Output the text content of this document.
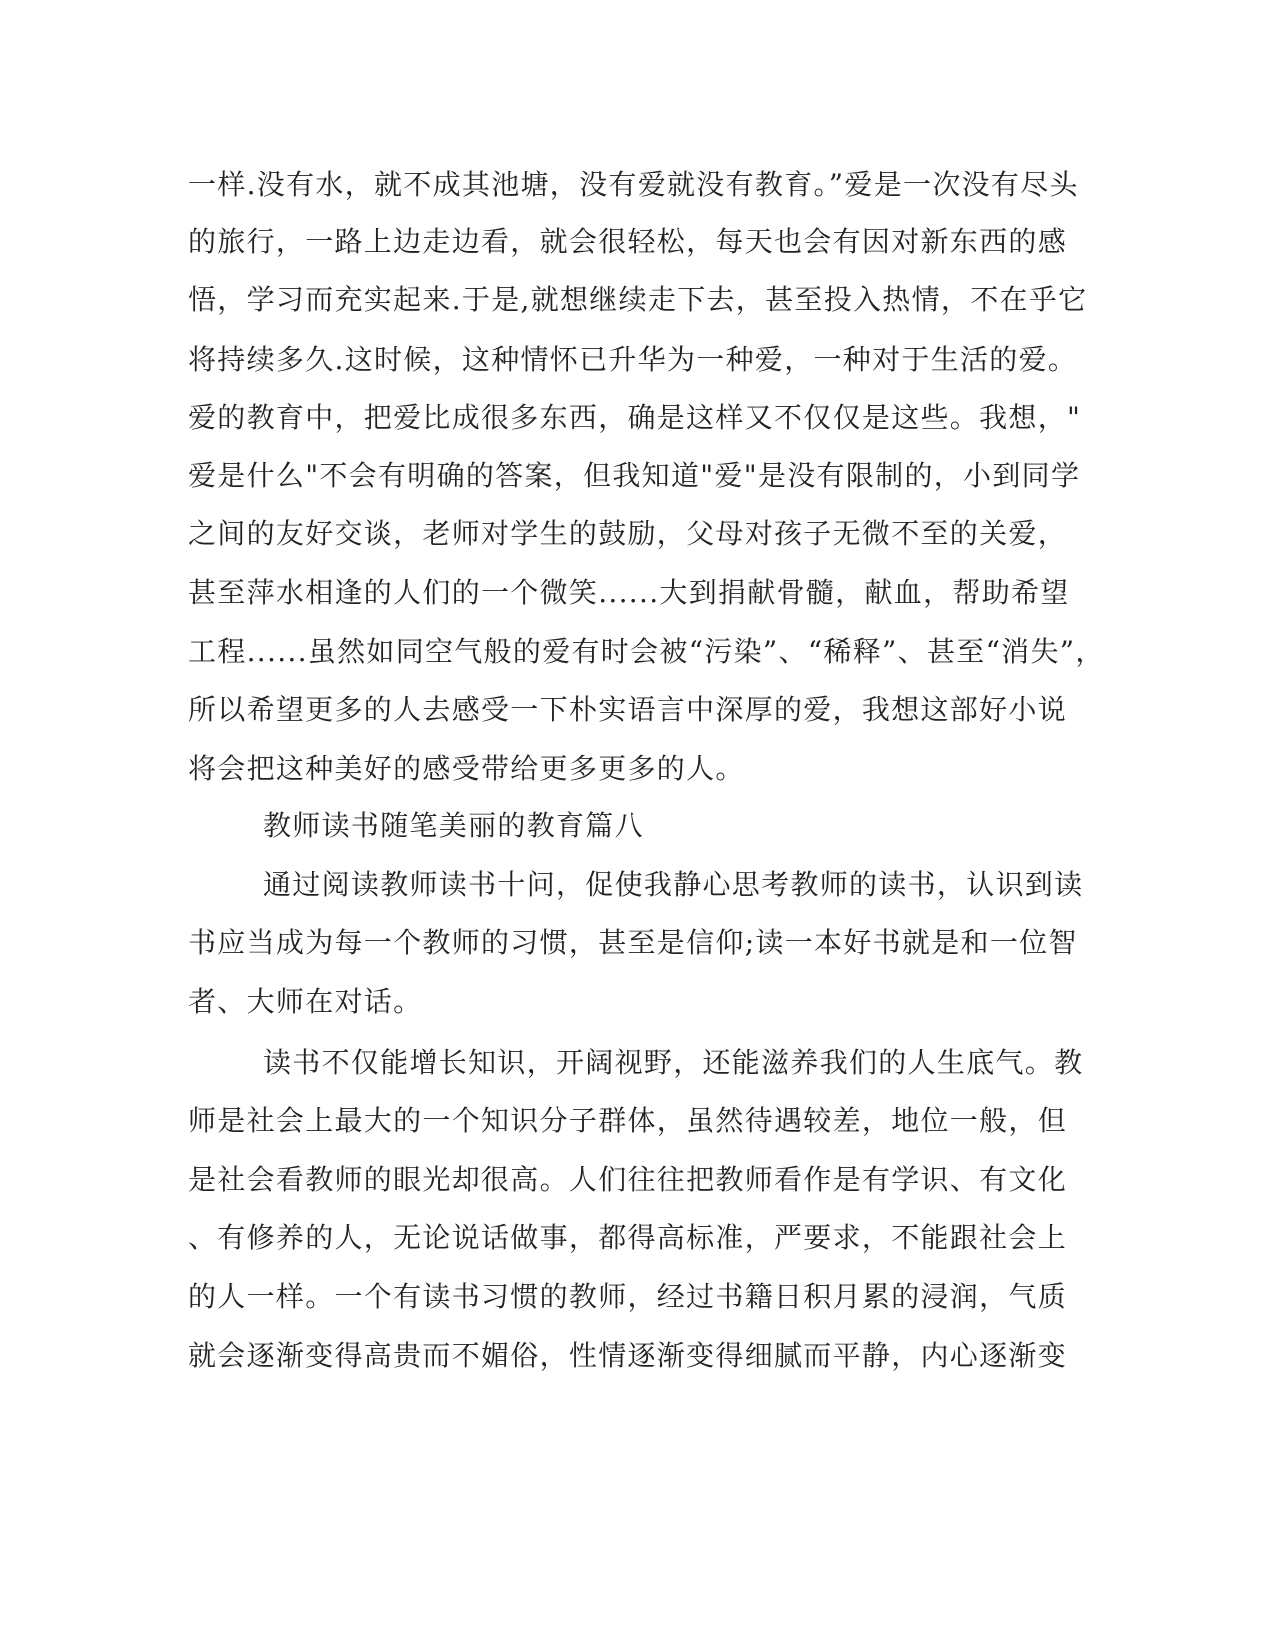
一样.没有水，就不成其池塘，没有爱就没有教育。”爱是一次没有尽头
的旅行，一路上边走边看，就会很轻松，每天也会有因对新东西的感
悟，学习而充实起来.于是,就想继续走下去，甚至投入热情，不在乎它
将持续多久.这时候，这种情怀已升华为一种爱，一种对于生活的爱。
爱的教育中，把爱比成很多东西，确是这样又不仅仅是这些。我想，"
爱是什么"不会有明确的答案，但我知道"爱"是没有限制的，小到同学
之间的友好交谈，老师对学生的鼓励，父母对孩子无微不至的关爱，
甚至萍水相逢的人们的一个微笑......大到捐献骨髓，献血，帮助希望
工程......虽然如同空气般的爱有时会被“污染”、“稀释”、甚至“消失”，
所以希望更多的人去感受一下朴实语言中深厚的爱，我想这部好小说
将会把这种美好的感受带给更多更多的人。
教师读书随笔美丽的教育篇八
通过阅读教师读书十问，促使我静心思考教师的读书，认识到读
书应当成为每一个教师的习惯，甚至是信仰;读一本好书就是和一位智
者、大师在对话。
读书不仅能增长知识，开阔视野，还能滋养我们的人生底气。教
师是社会上最大的一个知识分子群体，虽然待遇较差，地位一般，但
是社会看教师的眼光却很高。人们往往把教师看作是有学识、有文化
、有修养的人，无论说话做事，都得高标准，严要求，不能跟社会上
的人一样。一个有读书习惯的教师，经过书籍日积月累的浸润，气质
就会逐渐变得高贵而不媚俗，性情逐渐变得细腻而平静，内心逐渐变
